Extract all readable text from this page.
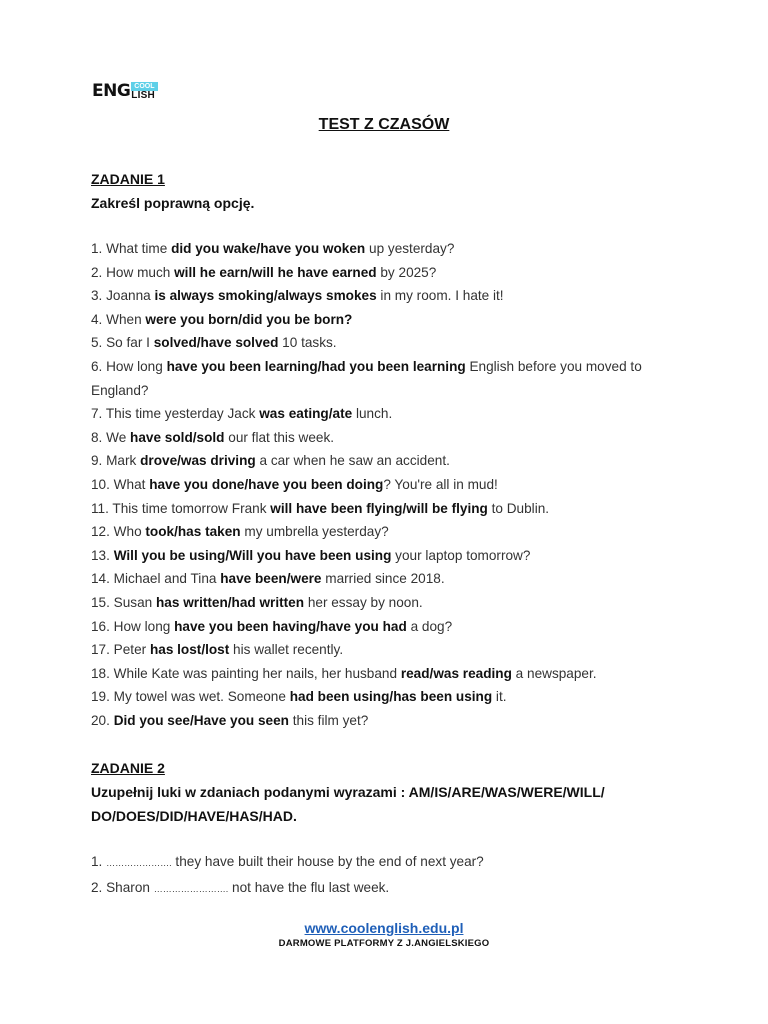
ENG COOL
LISH
TEST Z CZASÓW
ZADANIE 1
Zakreśl poprawną opcję.
1. What time did you wake/have you woken up yesterday?
2. How much will he earn/will he have earned by 2025?
3. Joanna is always smoking/always smokes in my room. I hate it!
4. When were you born/did you be born?
5. So far I solved/have solved 10 tasks.
6. How long have you been learning/had you been learning English before you moved to England?
7. This time yesterday Jack was eating/ate lunch.
8. We have sold/sold our flat this week.
9. Mark drove/was driving a car when he saw an accident.
10. What have you done/have you been doing? You're all in mud!
11. This time tomorrow Frank will have been flying/will be flying to Dublin.
12. Who took/has taken my umbrella yesterday?
13. Will you be using/Will you have been using your laptop tomorrow?
14. Michael and Tina have been/were married since 2018.
15. Susan has written/had written her essay by noon.
16. How long have you been having/have you had a dog?
17. Peter has lost/lost his wallet recently.
18. While Kate was painting her nails, her husband read/was reading a newspaper.
19. My towel was wet. Someone had been using/has been using it.
20. Did you see/Have you seen this film yet?
ZADANIE 2
Uzupełnij luki w zdaniach podanymi wyrazami : AM/IS/ARE/WAS/WERE/WILL/ DO/DOES/DID/HAVE/HAS/HAD.
1. …………………. they have built their house by the end of next year?
2. Sharon ……………………. not have the flu last week.
www.coolenglish.edu.pl
DARMOWE PLATFORMY Z J.ANGIELSKIEGO
